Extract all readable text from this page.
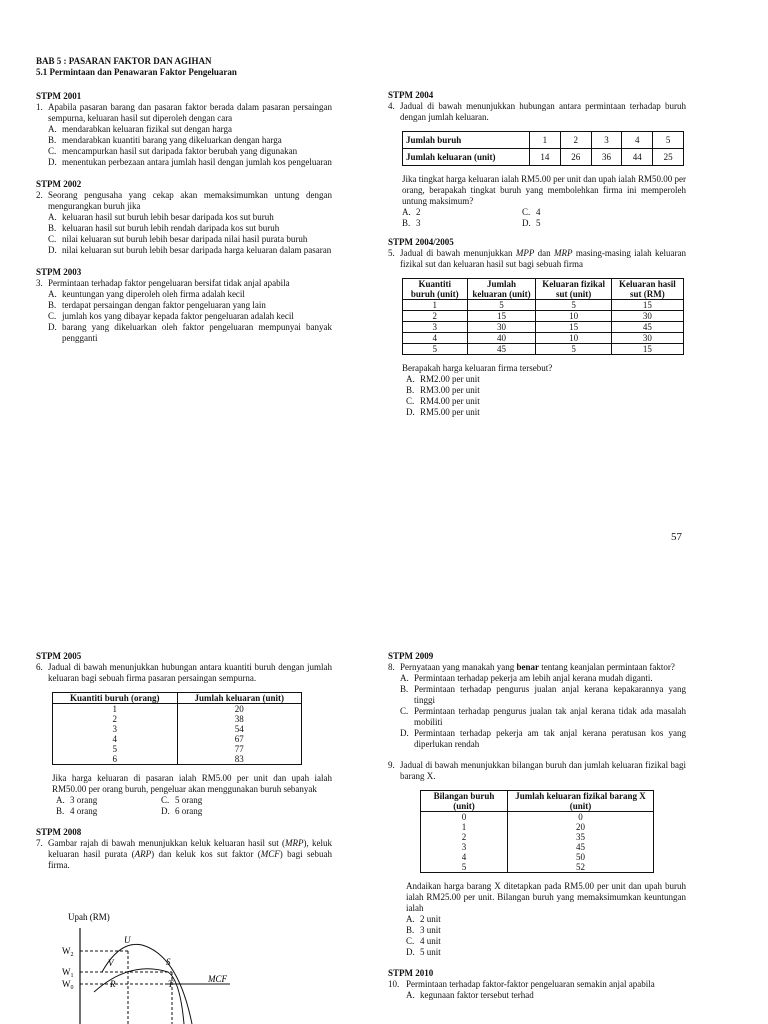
BAB 5 : PASARAN FAKTOR DAN AGIHAN
5.1 Permintaan dan Penawaran Faktor Pengeluaran
STPM 2001
1. Apabila pasaran barang dan pasaran faktor berada dalam pasaran persaingan sempurna, keluaran hasil sut diperoleh dengan cara
A. mendarabkan keluaran fizikal sut dengan harga
B. mendarabkan kuantiti barang yang dikeluarkan dengan harga
C. mencampurkan hasil sut daripada faktor berubah yang digunakan
D. menentukan perbezaan antara jumlah hasil dengan jumlah kos pengeluaran
STPM 2002
2. Seorang pengusaha yang cekap akan memaksimumkan untung dengan mengurangkan buruh jika
A. keluaran hasil sut buruh lebih besar daripada kos sut buruh
B. keluaran hasil sut buruh lebih rendah daripada kos sut buruh
C. nilai keluaran sut buruh lebih besar daripada nilai hasil purata buruh
D. nilai keluaran sut buruh lebih besar daripada harga keluaran dalam pasaran
STPM 2003
3. Permintaan terhadap faktor pengeluaran bersifat tidak anjal apabila
A. keuntungan yang diperoleh oleh firma adalah kecil
B. terdapat persaingan dengan faktor pengeluaran yang lain
C. jumlah kos yang dibayar kepada faktor pengeluaran adalah kecil
D. barang yang dikeluarkan oleh faktor pengeluaran mempunyai banyak pengganti
STPM 2004
4. Jadual di bawah menunjukkan hubungan antara permintaan terhadap buruh dengan jumlah keluaran.
Jumlah buruh	1	2	3	4	5
Jumlah keluaran (unit)	14	26	36	44	25
Jika tingkat harga keluaran ialah RM5.00 per unit dan upah ialah RM50.00 per orang, berapakah tingkat buruh yang membolehkan firma ini memperoleh untung maksimum?
A. 2	C. 4
B. 3	D. 5
STPM 2004/2005
5. Jadual di bawah menunjukkan MPP dan MRP masing-masing ialah keluaran fizikal sut dan keluaran hasil sut bagi sebuah firma
Kuantiti buruh (unit)	Jumlah keluaran (unit)	Keluaran fizikal sut (unit)	Keluaran hasil sut (RM)
1	5	5	15
2	15	10	30
3	30	15	45
4	40	10	30
5	45	5	15
Berapakah harga keluaran firma tersebut?
A. RM2.00 per unit
B. RM3.00 per unit
C. RM4.00 per unit
D. RM5.00 per unit
57
STPM 2005
6. Jadual di bawah menunjukkan hubungan antara kuantiti buruh dengan jumlah keluaran bagi sebuah firma pasaran persaingan sempurna.
Kuantiti buruh (orang)	Jumlah keluaran (unit)
1	20
2	38
3	54
4	67
5	77
6	83
Jika harga keluaran di pasaran ialah RM5.00 per unit dan upah ialah RM50.00 per orang buruh, pengeluar akan menggunakan buruh sebanyak
A. 3 orang	C. 5 orang
B. 4 orang	D. 6 orang
STPM 2008
7. Gambar rajah di bawah menunjukkan keluk keluaran hasil sut (MRP), keluk keluaran hasil purata (ARP) dan keluk kos sut faktor (MCF) bagi sebuah firma.
Upah (RM)
$W_2$
$W_1$
$W_0$
U
V	S
R	T	MCF
STPM 2009
8. Pernyataan yang manakah yang benar tentang keanjalan permintaan faktor?
A. Permintaan terhadap pekerja am lebih anjal kerana mudah diganti.
B. Permintaan terhadap pengurus jualan anjal kerana kepakarannya yang tinggi
C. Permintaan terhadap pengurus jualan tak anjal kerana tidak ada masalah mobiliti
D. Permintaan terhadap pekerja am tak anjal kerana peratusan kos yang diperlukan rendah
9. Jadual di bawah menunjukkan bilangan buruh dan jumlah keluaran fizikal bagi barang X.
Bilangan buruh (unit)	Jumlah keluaran fizikal barang X (unit)
0	0
1	20
2	35
3	45
4	50
5	52
Andaikan harga barang X ditetapkan pada RM5.00 per unit dan upah buruh ialah RM25.00 per unit. Bilangan buruh yang memaksimumkan keuntungan ialah
A. 2 unit
B. 3 unit
C. 4 unit
D. 5 unit
STPM 2010
10. Permintaan terhadap faktor-faktor pengeluaran semakin anjal apabila
A. kegunaan faktor tersebut terhad
